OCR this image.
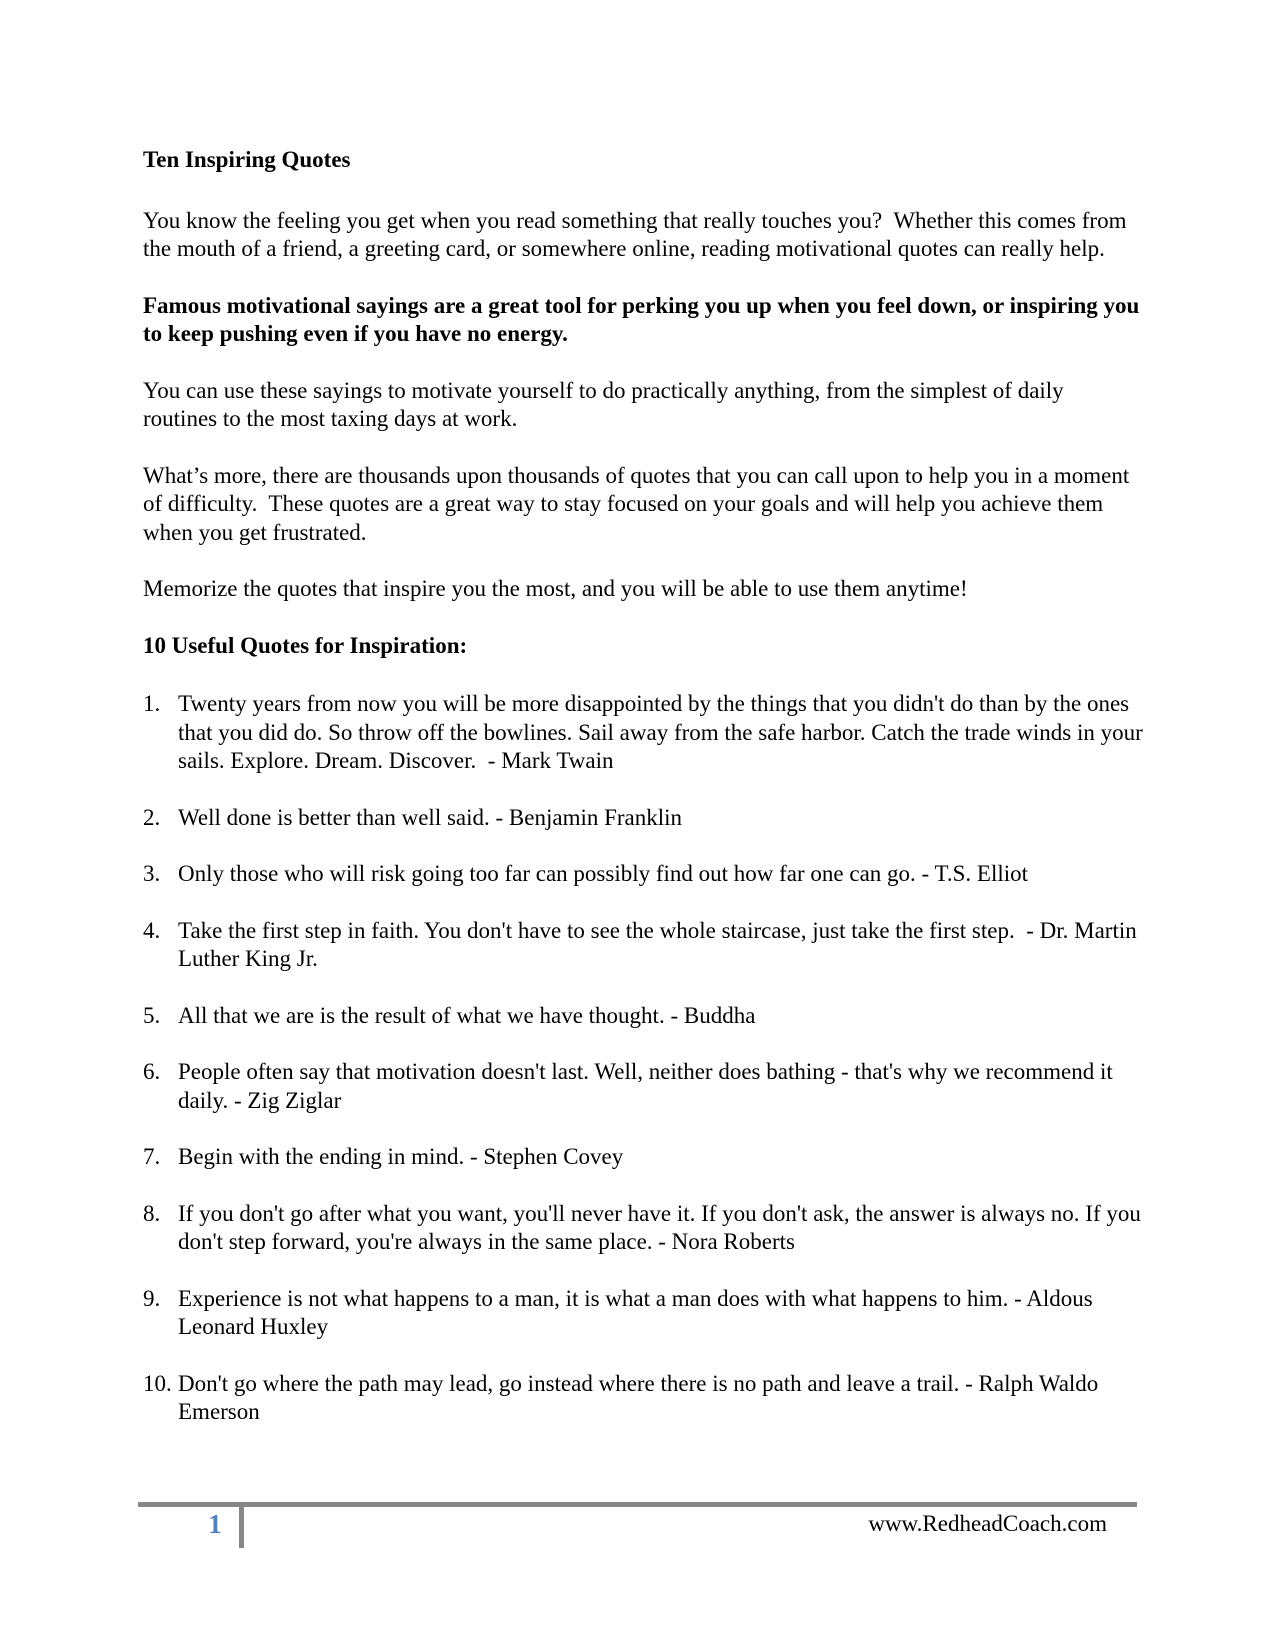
Ten Inspiring Quotes

You know the feeling you get when you read something that really touches you?  Whether this comes from the mouth of a friend, a greeting card, or somewhere online, reading motivational quotes can really help.

Famous motivational sayings are a great tool for perking you up when you feel down, or inspiring you to keep pushing even if you have no energy.

You can use these sayings to motivate yourself to do practically anything, from the simplest of daily routines to the most taxing days at work.

What’s more, there are thousands upon thousands of quotes that you can call upon to help you in a moment of difficulty.  These quotes are a great way to stay focused on your goals and will help you achieve them when you get frustrated.

Memorize the quotes that inspire you the most, and you will be able to use them anytime!

10 Useful Quotes for Inspiration:

1. Twenty years from now you will be more disappointed by the things that you didn't do than by the ones that you did do. So throw off the bowlines. Sail away from the safe harbor. Catch the trade winds in your sails. Explore. Dream. Discover.  - Mark Twain
2. Well done is better than well said. - Benjamin Franklin
3. Only those who will risk going too far can possibly find out how far one can go. - T.S. Elliot
4. Take the first step in faith. You don't have to see the whole staircase, just take the first step.  - Dr. Martin Luther King Jr.
5. All that we are is the result of what we have thought. - Buddha
6. People often say that motivation doesn't last. Well, neither does bathing - that's why we recommend it daily. - Zig Ziglar
7. Begin with the ending in mind. - Stephen Covey
8. If you don't go after what you want, you'll never have it. If you don't ask, the answer is always no. If you don't step forward, you're always in the same place. - Nora Roberts
9. Experience is not what happens to a man, it is what a man does with what happens to him. - Aldous Leonard Huxley
10. Don't go where the path may lead, go instead where there is no path and leave a trail. - Ralph Waldo Emerson
1	www.RedheadCoach.com
